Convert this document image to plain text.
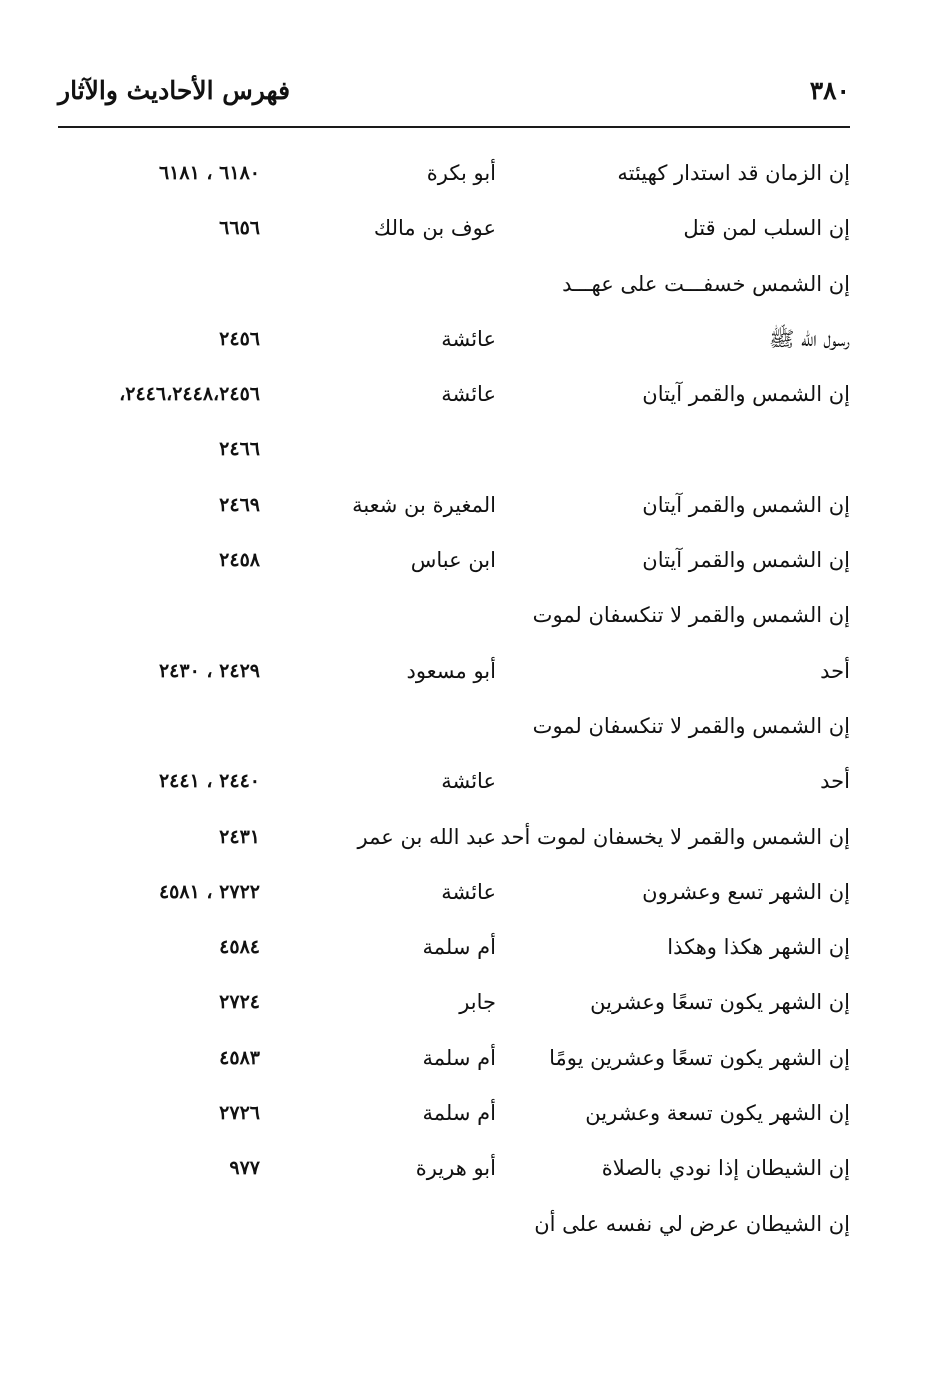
فهرس الأحاديث والآثار	٣٨٠
إن الزمان قد استدار كهيئته
أبو بكرة
٦١٨٠ ، ٦١٨١
إن السلب لمن قتل
عوف بن مالك
٦٦٥٦
إن الشمس خسفـــت على عهـــد
رسول الله ﷺ
عائشة
٢٤٥٦
إن الشمس والقمر آيتان
عائشة
٢٤٤٦،٢٤٤٨،٢٤٥٦،
٢٤٦٦
إن الشمس والقمر آيتان
المغيرة بن شعبة
٢٤٦٩
إن الشمس والقمر آيتان
ابن عباس
٢٤٥٨
إن الشمس والقمر لا تنكسفان لموت
أحد
أبو مسعود
٢٤٢٩ ، ٢٤٣٠
إن الشمس والقمر لا تنكسفان لموت
أحد
عائشة
٢٤٤٠ ، ٢٤٤١
إن الشمس والقمر لا يخسفان لموت أحد
عبد الله بن عمر
٢٤٣١
إن الشهر تسع وعشرون
عائشة
٢٧٢٢ ، ٤٥٨١
إن الشهر هكذا وهكذا
أم سلمة
٤٥٨٤
إن الشهر يكون تسعًا وعشرين
جابر
٢٧٢٤
إن الشهر يكون تسعًا وعشرين يومًا
أم سلمة
٤٥٨٣
إن الشهر يكون تسعة وعشرين
أم سلمة
٢٧٢٦
إن الشيطان إذا نودي بالصلاة
أبو هريرة
٩٧٧
إن الشيطان عرض لي نفسه على أن
